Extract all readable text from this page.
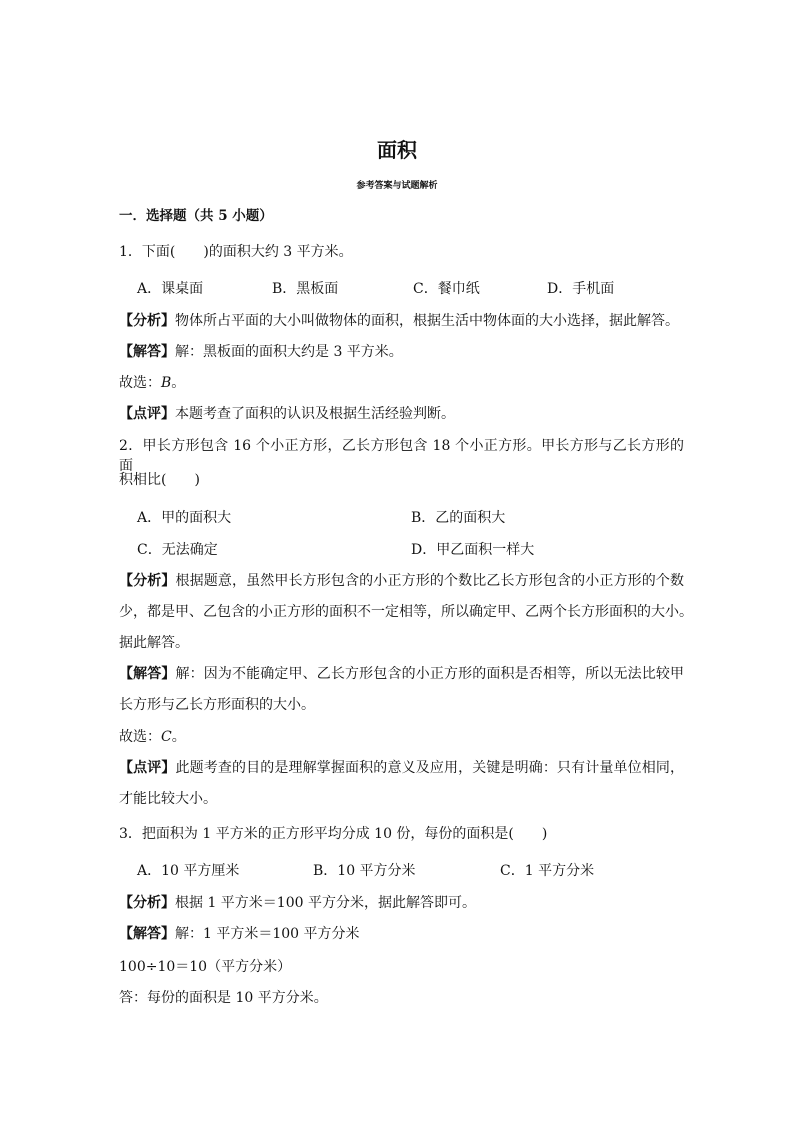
面积
参考答案与试题解析
一．选择题（共 5 小题）
1．下面(　　)的面积大约 3 平方米。
A．课桌面	B．黑板面	C．餐巾纸	D．手机面
【分析】物体所占平面的大小叫做物体的面积，根据生活中物体面的大小选择，据此解答。
【解答】解：黑板面的面积大约是 3 平方米。
故选：B。
【点评】本题考查了面积的认识及根据生活经验判断。
2．甲长方形包含 16 个小正方形，乙长方形包含 18 个小正方形。甲长方形与乙长方形的面
积相比(　　)
A．甲的面积大	B．乙的面积大
C．无法确定	D．甲乙面积一样大
【分析】根据题意，虽然甲长方形包含的小正方形的个数比乙长方形包含的小正方形的个数
少，都是甲、乙包含的小正方形的面积不一定相等，所以确定甲、乙两个长方形面积的大小。
据此解答。
【解答】解：因为不能确定甲、乙长方形包含的小正方形的面积是否相等，所以无法比较甲
长方形与乙长方形面积的大小。
故选：C。
【点评】此题考查的目的是理解掌握面积的意义及应用，关键是明确：只有计量单位相同，
才能比较大小。
3．把面积为 1 平方米的正方形平均分成 10 份，每份的面积是(　　)
A．10 平方厘米	B．10 平方分米	C．1 平方分米
【分析】根据 1 平方米＝100 平方分米，据此解答即可。
【解答】解：1 平方米＝100 平方分米
100÷10＝10（平方分米）
答：每份的面积是 10 平方分米。
